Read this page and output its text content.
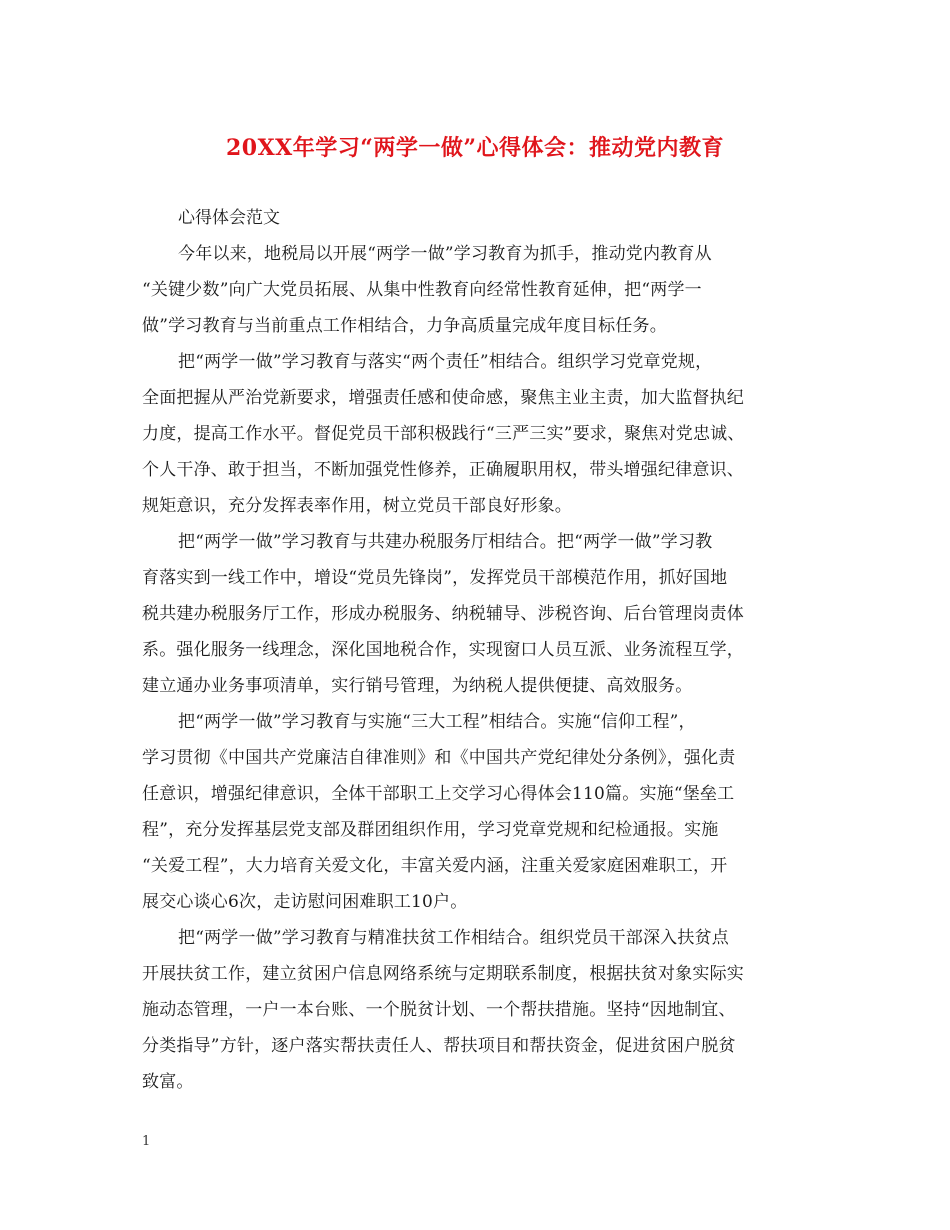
20XX年学习“两学一做”心得体会：推动党内教育
心得体会范文
今年以来，地税局以开展“两学一做”学习教育为抓手，推动党内教育从
“关键少数”向广大党员拓展、从集中性教育向经常性教育延伸，把“两学一
做”学习教育与当前重点工作相结合，力争高质量完成年度目标任务。
把“两学一做”学习教育与落实“两个责任”相结合。组织学习党章党规，
全面把握从严治党新要求，增强责任感和使命感，聚焦主业主责，加大监督执纪
力度，提高工作水平。督促党员干部积极践行“三严三实”要求，聚焦对党忠诚、
个人干净、敢于担当，不断加强党性修养，正确履职用权，带头增强纪律意识、
规矩意识，充分发挥表率作用，树立党员干部良好形象。
把“两学一做”学习教育与共建办税服务厅相结合。把“两学一做”学习教
育落实到一线工作中，增设“党员先锋岗”，发挥党员干部模范作用，抓好国地
税共建办税服务厅工作，形成办税服务、纳税辅导、涉税咨询、后台管理岗责体
系。强化服务一线理念，深化国地税合作，实现窗口人员互派、业务流程互学，
建立通办业务事项清单，实行销号管理，为纳税人提供便捷、高效服务。
把“两学一做”学习教育与实施“三大工程”相结合。实施“信仰工程”，
学习贯彻《中国共产党廉洁自律准则》和《中国共产党纪律处分条例》，强化责
任意识，增强纪律意识，全体干部职工上交学习心得体会110篇。实施“堡垒工
程”，充分发挥基层党支部及群团组织作用，学习党章党规和纪检通报。实施
“关爱工程”，大力培育关爱文化，丰富关爱内涵，注重关爱家庭困难职工，开
展交心谈心6次，走访慰问困难职工10户。
把“两学一做”学习教育与精准扶贫工作相结合。组织党员干部深入扶贫点
开展扶贫工作，建立贫困户信息网络系统与定期联系制度，根据扶贫对象实际实
施动态管理，一户一本台账、一个脱贫计划、一个帮扶措施。坚持“因地制宜、
分类指导”方针，逐户落实帮扶责任人、帮扶项目和帮扶资金，促进贫困户脱贫
致富。
1
